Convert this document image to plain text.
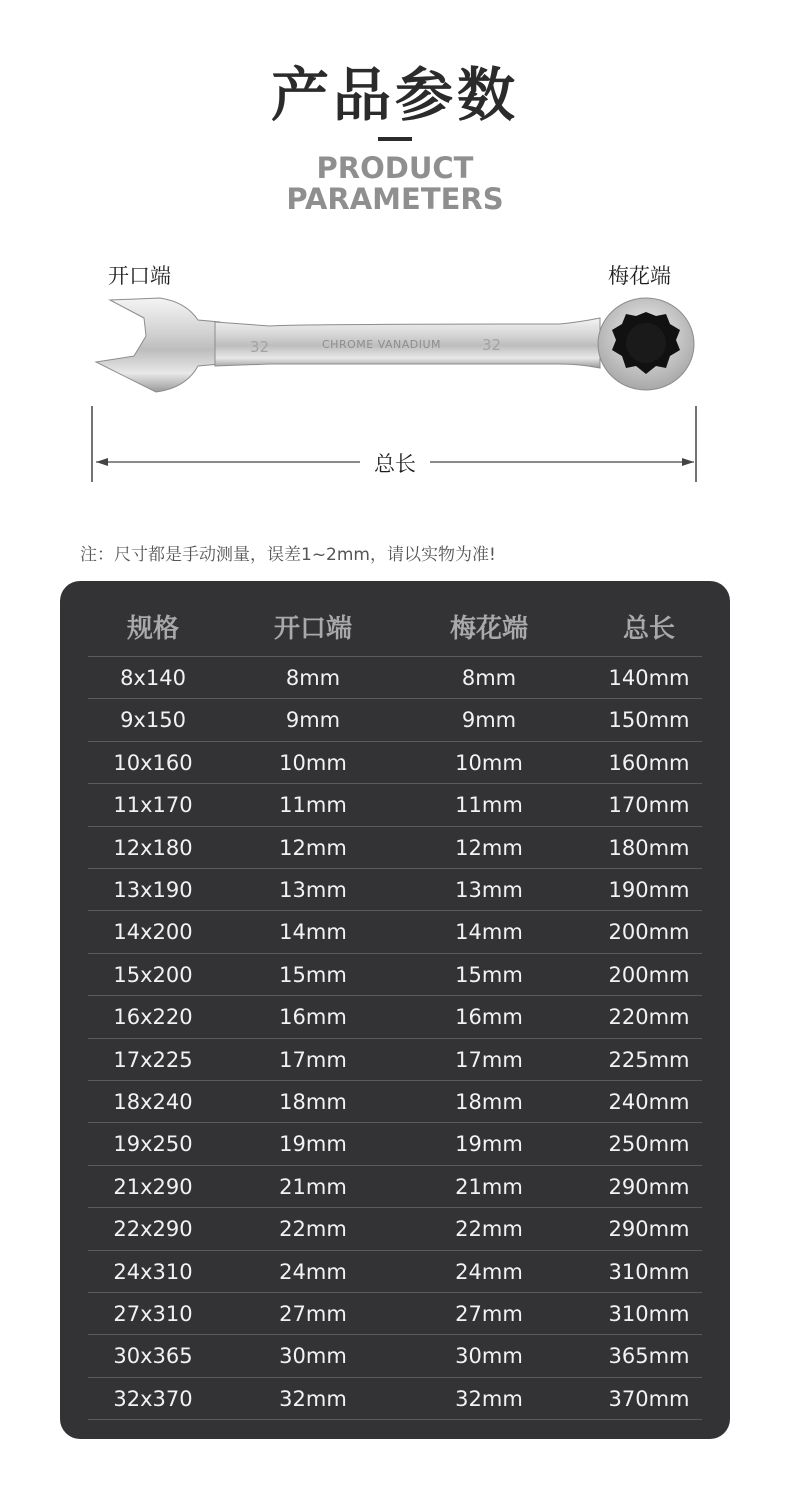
产品参数
PRODUCT
PARAMETERS
开口端	梅花端
32	CHROME VANADIUM	32
总长
注：尺寸都是手动测量，误差1~2mm，请以实物为准!
规格	开口端	梅花端	总长
8x140	8mm	8mm	140mm
9x150	9mm	9mm	150mm
10x160	10mm	10mm	160mm
11x170	11mm	11mm	170mm
12x180	12mm	12mm	180mm
13x190	13mm	13mm	190mm
14x200	14mm	14mm	200mm
15x200	15mm	15mm	200mm
16x220	16mm	16mm	220mm
17x225	17mm	17mm	225mm
18x240	18mm	18mm	240mm
19x250	19mm	19mm	250mm
21x290	21mm	21mm	290mm
22x290	22mm	22mm	290mm
24x310	24mm	24mm	310mm
27x310	27mm	27mm	310mm
30x365	30mm	30mm	365mm
32x370	32mm	32mm	370mm
